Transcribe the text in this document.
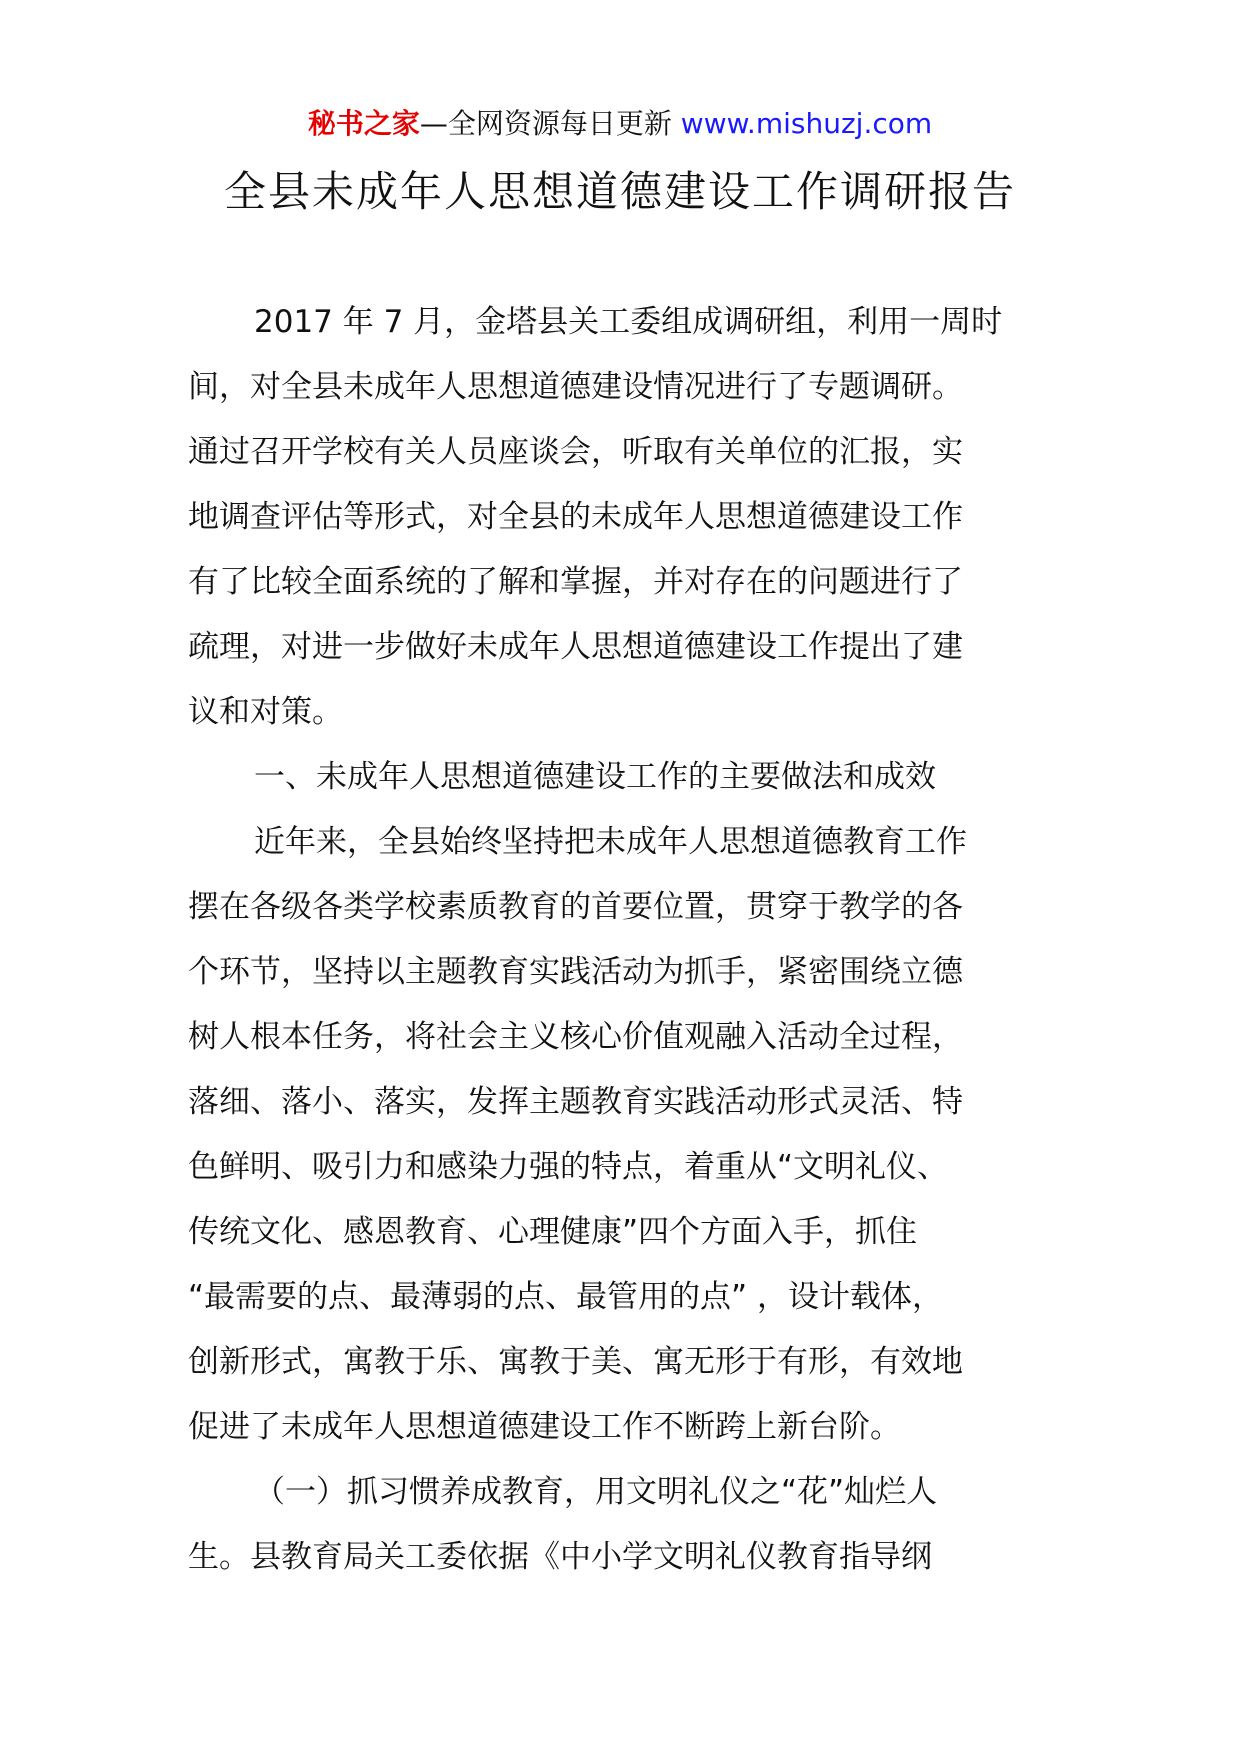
秘书之家—全网资源每日更新 www.mishuzj.com
全县未成年人思想道德建设工作调研报告
2017 年 7 月，金塔县关工委组成调研组，利用一周时
间，对全县未成年人思想道德建设情况进行了专题调研。
通过召开学校有关人员座谈会，听取有关单位的汇报，实
地调查评估等形式，对全县的未成年人思想道德建设工作
有了比较全面系统的了解和掌握，并对存在的问题进行了
疏理，对进一步做好未成年人思想道德建设工作提出了建
议和对策。
一、未成年人思想道德建设工作的主要做法和成效
近年来，全县始终坚持把未成年人思想道德教育工作
摆在各级各类学校素质教育的首要位置，贯穿于教学的各
个环节，坚持以主题教育实践活动为抓手，紧密围绕立德
树人根本任务，将社会主义核心价值观融入活动全过程，
落细、落小、落实，发挥主题教育实践活动形式灵活、特
色鲜明、吸引力和感染力强的特点，着重从“文明礼仪、
传统文化、感恩教育、心理健康”四个方面入手，抓住
“最需要的点、最薄弱的点、最管用的点” ，设计载体，
创新形式，寓教于乐、寓教于美、寓无形于有形，有效地
促进了未成年人思想道德建设工作不断跨上新台阶。
（一）抓习惯养成教育，用文明礼仪之“花”灿烂人
生。县教育局关工委依据《中小学文明礼仪教育指导纲
